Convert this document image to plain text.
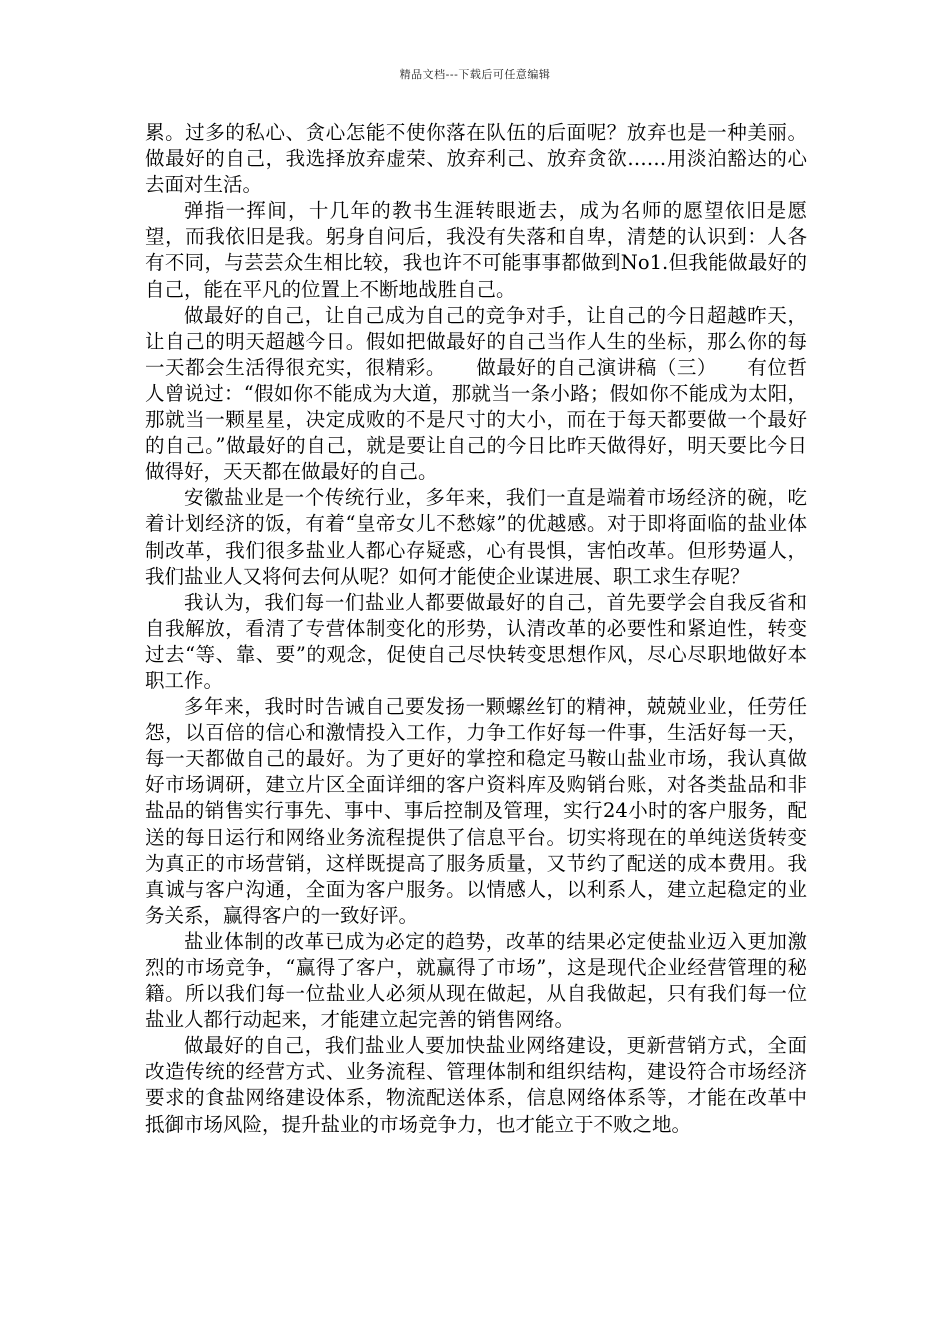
精品文档---下载后可任意编辑

累。过多的私心、贪心怎能不使你落在队伍的后面呢？放弃也是一种美丽。做最好的自己，我选择放弃虚荣、放弃利己、放弃贪欲……用淡泊豁达的心去面对生活。

弹指一挥间，十几年的教书生涯转眼逝去，成为名师的愿望依旧是愿望，而我依旧是我。躬身自问后，我没有失落和自卑，清楚的认识到：人各有不同，与芸芸众生相比较，我也许不可能事事都做到No1.但我能做最好的自己，能在平凡的位置上不断地战胜自己。

做最好的自己，让自己成为自己的竞争对手，让自己的今日超越昨天，让自己的明天超越今日。假如把做最好的自己当作人生的坐标，那么你的每一天都会生活得很充实，很精彩。　　做最好的自己演讲稿（三）　　有位哲人曾说过：“假如你不能成为大道，那就当一条小路；假如你不能成为太阳，那就当一颗星星，决定成败的不是尺寸的大小，而在于每天都要做一个最好的自己。”做最好的自己，就是要让自己的今日比昨天做得好，明天要比今日做得好，天天都在做最好的自己。

安徽盐业是一个传统行业，多年来，我们一直是端着市场经济的碗，吃着计划经济的饭，有着“皇帝女儿不愁嫁”的优越感。对于即将面临的盐业体制改革，我们很多盐业人都心存疑惑，心有畏惧，害怕改革。但形势逼人，我们盐业人又将何去何从呢？如何才能使企业谋进展、职工求生存呢？

我认为，我们每一们盐业人都要做最好的自己，首先要学会自我反省和自我解放，看清了专营体制变化的形势，认清改革的必要性和紧迫性，转变过去“等、靠、要”的观念，促使自己尽快转变思想作风，尽心尽职地做好本职工作。

多年来，我时时告诫自己要发扬一颗螺丝钉的精神，兢兢业业，任劳任怨，以百倍的信心和激情投入工作，力争工作好每一件事，生活好每一天，每一天都做自己的最好。为了更好的掌控和稳定马鞍山盐业市场，我认真做好市场调研，建立片区全面详细的客户资料库及购销台账，对各类盐品和非盐品的销售实行事先、事中、事后控制及管理，实行24小时的客户服务，配送的每日运行和网络业务流程提供了信息平台。切实将现在的单纯送货转变为真正的市场营销，这样既提高了服务质量，又节约了配送的成本费用。我真诚与客户沟通，全面为客户服务。以情感人，以利系人，建立起稳定的业务关系，赢得客户的一致好评。

盐业体制的改革已成为必定的趋势，改革的结果必定使盐业迈入更加激烈的市场竞争，“赢得了客户，就赢得了市场”，这是现代企业经营管理的秘籍。所以我们每一位盐业人必须从现在做起，从自我做起，只有我们每一位盐业人都行动起来，才能建立起完善的销售网络。

做最好的自己，我们盐业人要加快盐业网络建设，更新营销方式，全面改造传统的经营方式、业务流程、管理体制和组织结构，建设符合市场经济要求的食盐网络建设体系，物流配送体系，信息网络体系等，才能在改革中抵御市场风险，提升盐业的市场竞争力，也才能立于不败之地。
